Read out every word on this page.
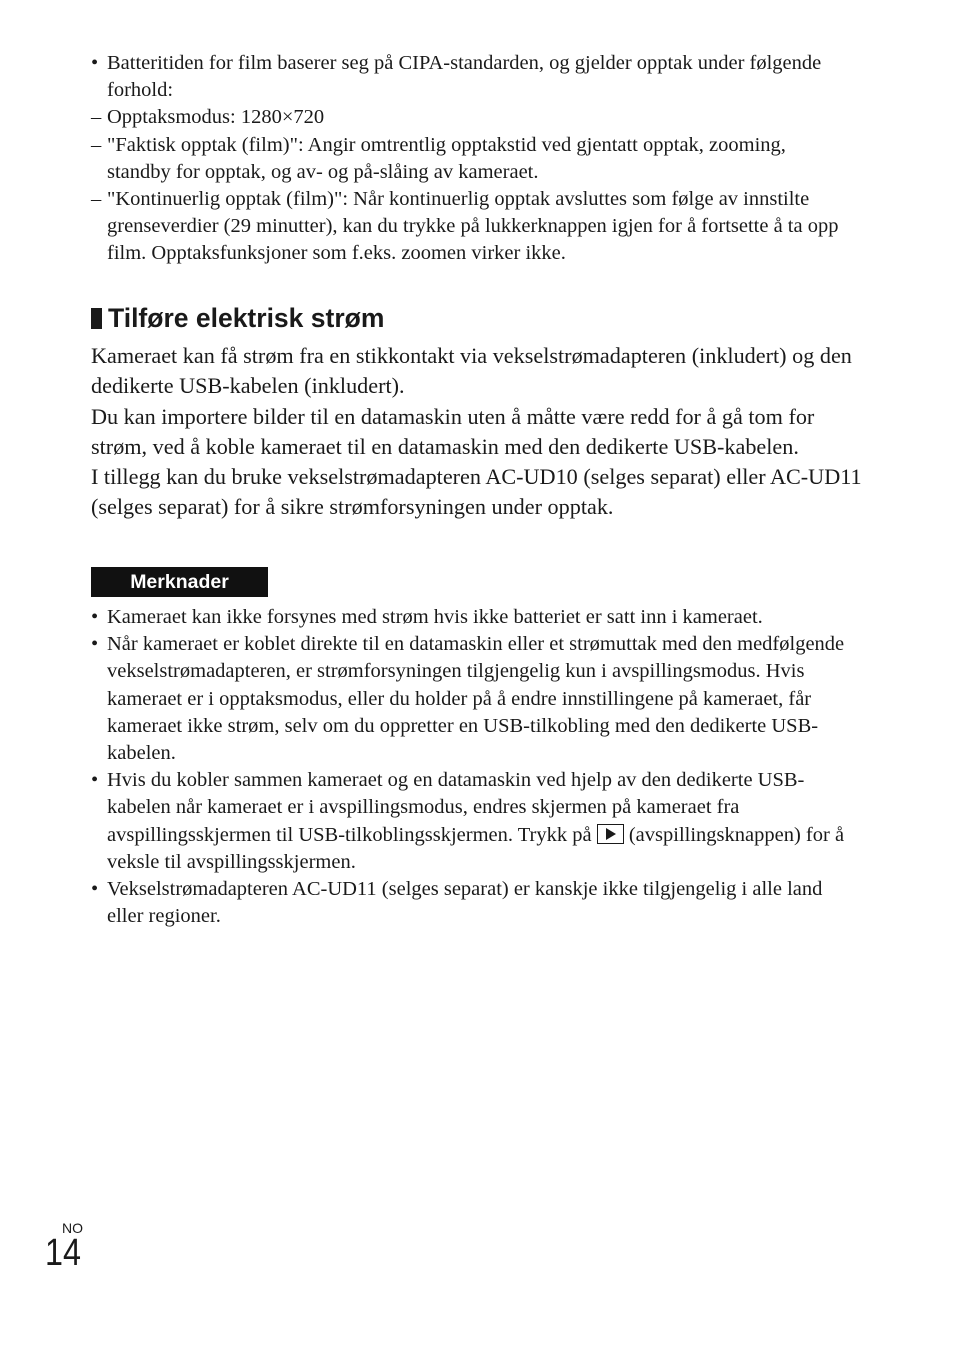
• Batteritiden for film baserer seg på CIPA-standarden, og gjelder opptak under følgende forhold:
– Opptaksmodus: 1280×720
– "Faktisk opptak (film)": Angir omtrentlig opptakstid ved gjentatt opptak, zooming, standby for opptak, og av- og på-slåing av kameraet.
– "Kontinuerlig opptak (film)": Når kontinuerlig opptak avsluttes som følge av innstilte grenseverdier (29 minutter), kan du trykke på lukkerknappen igjen for å fortsette å ta opp film. Opptaksfunksjoner som f.eks. zoomen virker ikke.
Tilføre elektrisk strøm

Kameraet kan få strøm fra en stikkontakt via vekselstrømadapteren (inkludert) og den dedikerte USB-kabelen (inkludert).

Du kan importere bilder til en datamaskin uten å måtte være redd for å gå tom for strøm, ved å koble kameraet til en datamaskin med den dedikerte USB-kabelen.

I tillegg kan du bruke vekselstrømadapteren AC-UD10 (selges separat) eller AC-UD11 (selges separat) for å sikre strømforsyningen under opptak.

Merknader
• Kameraet kan ikke forsynes med strøm hvis ikke batteriet er satt inn i kameraet.
• Når kameraet er koblet direkte til en datamaskin eller et strømuttak med den medfølgende vekselstrømadapteren, er strømforsyningen tilgjengelig kun i avspillingsmodus. Hvis kameraet er i opptaksmodus, eller du holder på å endre innstillingene på kameraet, får kameraet ikke strøm, selv om du oppretter en USB-tilkobling med den dedikerte USB-kabelen.
• Hvis du kobler sammen kameraet og en datamaskin ved hjelp av den dedikerte USB-kabelen når kameraet er i avspillingsmodus, endres skjermen på kameraet fra avspillingsskjermen til USB-tilkoblingsskjermen. Trykk på (avspillingsknappen) for å veksle til avspillingsskjermen.
• Vekselstrømadapteren AC-UD11 (selges separat) er kanskje ikke tilgjengelig i alle land eller regioner.
NO
14
